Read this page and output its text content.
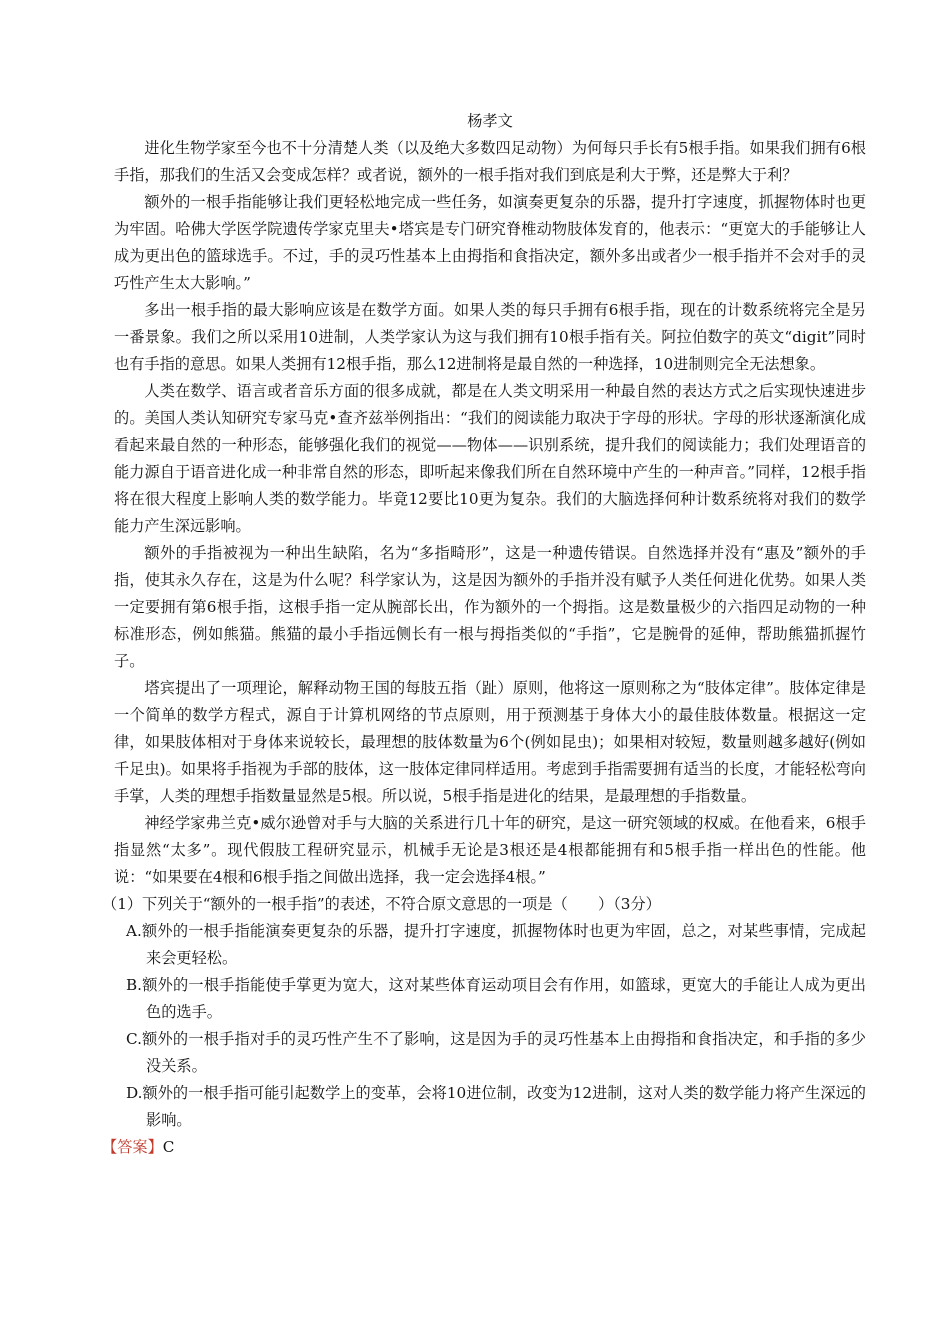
杨孝文

进化生物学家至今也不十分清楚人类（以及绝大多数四足动物）为何每只手长有5根手指。如果我们拥有6根手指，那我们的生活又会变成怎样？或者说，额外的一根手指对我们到底是利大于弊，还是弊大于利？

额外的一根手指能够让我们更轻松地完成一些任务，如演奏更复杂的乐器，提升打字速度，抓握物体时也更为牢固。哈佛大学医学院遗传学家克里夫•塔宾是专门研究脊椎动物肢体发育的，他表示：“更宽大的手能够让人成为更出色的篮球选手。不过，手的灵巧性基本上由拇指和食指决定，额外多出或者少一根手指并不会对手的灵巧性产生太大影响。”

多出一根手指的最大影响应该是在数学方面。如果人类的每只手拥有6根手指，现在的计数系统将完全是另一番景象。我们之所以采用10进制，人类学家认为这与我们拥有10根手指有关。阿拉伯数字的英文“digit”同时也有手指的意思。如果人类拥有12根手指，那么12进制将是最自然的一种选择，10进制则完全无法想象。

人类在数学、语言或者音乐方面的很多成就，都是在人类文明采用一种最自然的表达方式之后实现快速进步的。美国人类认知研究专家马克•查齐兹举例指出：“我们的阅读能力取决于字母的形状。字母的形状逐渐演化成看起来最自然的一种形态，能够强化我们的视觉——物体——识别系统，提升我们的阅读能力；我们处理语音的能力源自于语音进化成一种非常自然的形态，即听起来像我们所在自然环境中产生的一种声音。”同样，12根手指将在很大程度上影响人类的数学能力。毕竟12要比10更为复杂。我们的大脑选择何种计数系统将对我们的数学能力产生深远影响。

额外的手指被视为一种出生缺陷，名为“多指畸形”，这是一种遗传错误。自然选择并没有“惠及”额外的手指，使其永久存在，这是为什么呢？科学家认为，这是因为额外的手指并没有赋予人类任何进化优势。如果人类一定要拥有第6根手指，这根手指一定从腕部长出，作为额外的一个拇指。这是数量极少的六指四足动物的一种标准形态，例如熊猫。熊猫的最小手指远侧长有一根与拇指类似的“手指”，它是腕骨的延伸，帮助熊猫抓握竹子。

塔宾提出了一项理论，解释动物王国的每肢五指（趾）原则，他将这一原则称之为“肢体定律”。肢体定律是一个简单的数学方程式，源自于计算机网络的节点原则，用于预测基于身体大小的最佳肢体数量。根据这一定律，如果肢体相对于身体来说较长，最理想的肢体数量为6个(例如昆虫)；如果相对较短，数量则越多越好(例如千足虫)。如果将手指视为手部的肢体，这一肢体定律同样适用。考虑到手指需要拥有适当的长度，才能轻松弯向手掌，人类的理想手指数量显然是5根。所以说，5根手指是进化的结果，是最理想的手指数量。

神经学家弗兰克•威尔逊曾对手与大脑的关系进行几十年的研究，是这一研究领域的权威。在他看来，6根手指显然“太多”。现代假肢工程研究显示，机械手无论是3根还是4根都能拥有和5根手指一样出色的性能。他说：“如果要在4根和6根手指之间做出选择，我一定会选择4根。”

（1）下列关于“额外的一根手指”的表述，不符合原文意思的一项是（　　）（3分）

A.额外的一根手指能演奏更复杂的乐器，提升打字速度，抓握物体时也更为牢固，总之，对某些事情，完成起来会更轻松。

B.额外的一根手指能使手掌更为宽大，这对某些体育运动项目会有作用，如篮球，更宽大的手能让人成为更出色的选手。

C.额外的一根手指对手的灵巧性产生不了影响，这是因为手的灵巧性基本上由拇指和食指决定，和手指的多少没关系。

D.额外的一根手指可能引起数学上的变革，会将10进位制，改变为12进制，这对人类的数学能力将产生深远的影响。

【答案】C
